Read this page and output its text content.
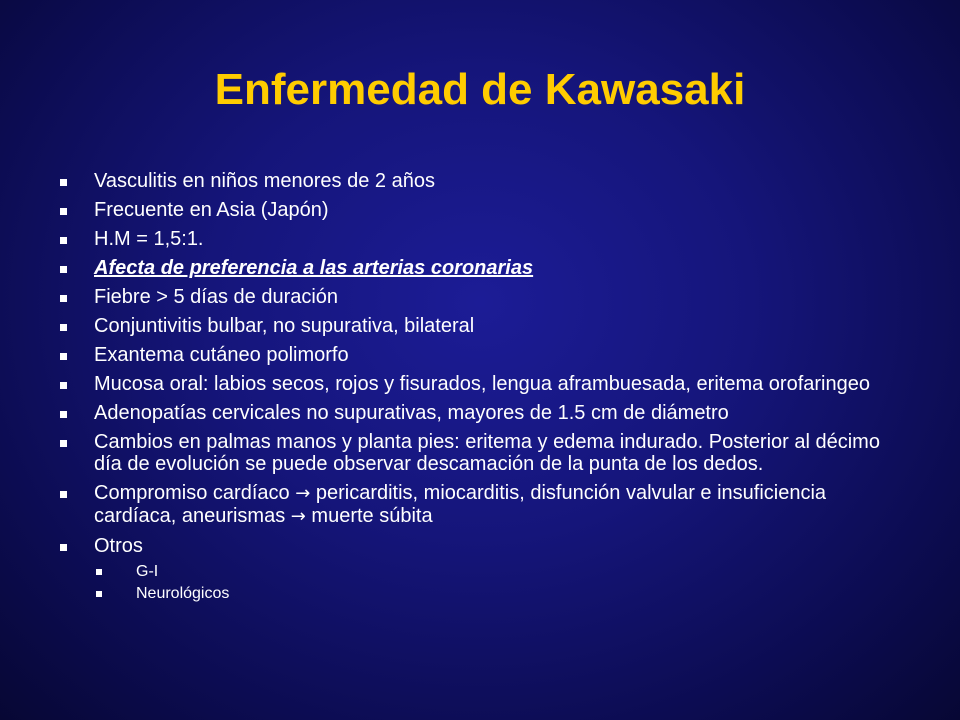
Enfermedad de Kawasaki
Vasculitis en niños menores de 2 años
Frecuente en Asia (Japón)
H.M = 1,5:1.
Afecta de preferencia a las arterias coronarias
Fiebre > 5 días de duración
Conjuntivitis bulbar, no supurativa, bilateral
Exantema cutáneo polimorfo
Mucosa oral: labios secos, rojos y fisurados, lengua aframbuesada, eritema orofaringeo
Adenopatías cervicales no supurativas, mayores de 1.5 cm de diámetro
Cambios en palmas manos y planta pies: eritema y edema indurado. Posterior al décimo día de evolución se puede observar descamación de la punta de los dedos.
Compromiso cardíaco → pericarditis, miocarditis, disfunción valvular e insuficiencia cardíaca, aneurismas → muerte súbita
Otros
G-I
Neurológicos
